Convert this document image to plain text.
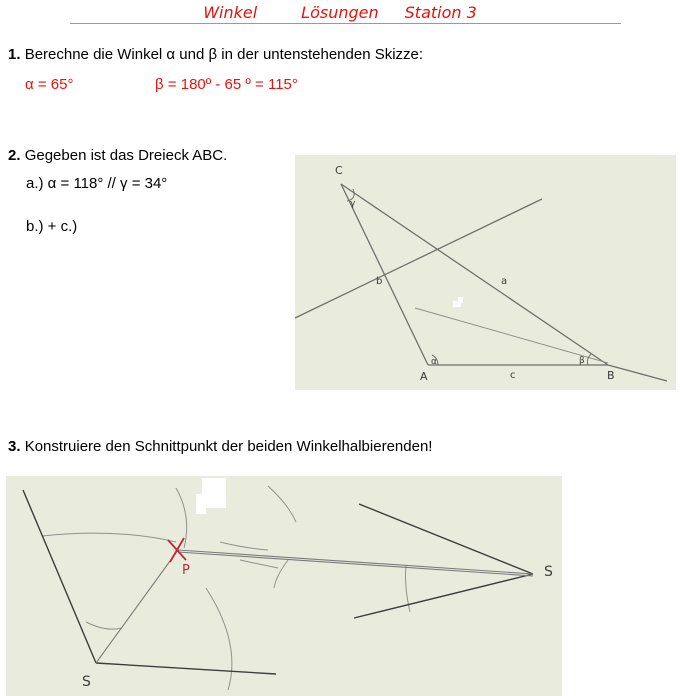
Winkel	Lösungen Station 3
1. Berechne die Winkel α und β in der untenstehenden Skizze:
α = 65°	β = 180º - 65 º = 115°
2. Gegeben ist das Dreieck ABC.
a.) α = 118° // γ = 34°
b.) + c.)
C
A	B
a
b
c
α	β
γ
3. Konstruiere den Schnittpunkt der beiden Winkelhalbierenden!
P
S
S
